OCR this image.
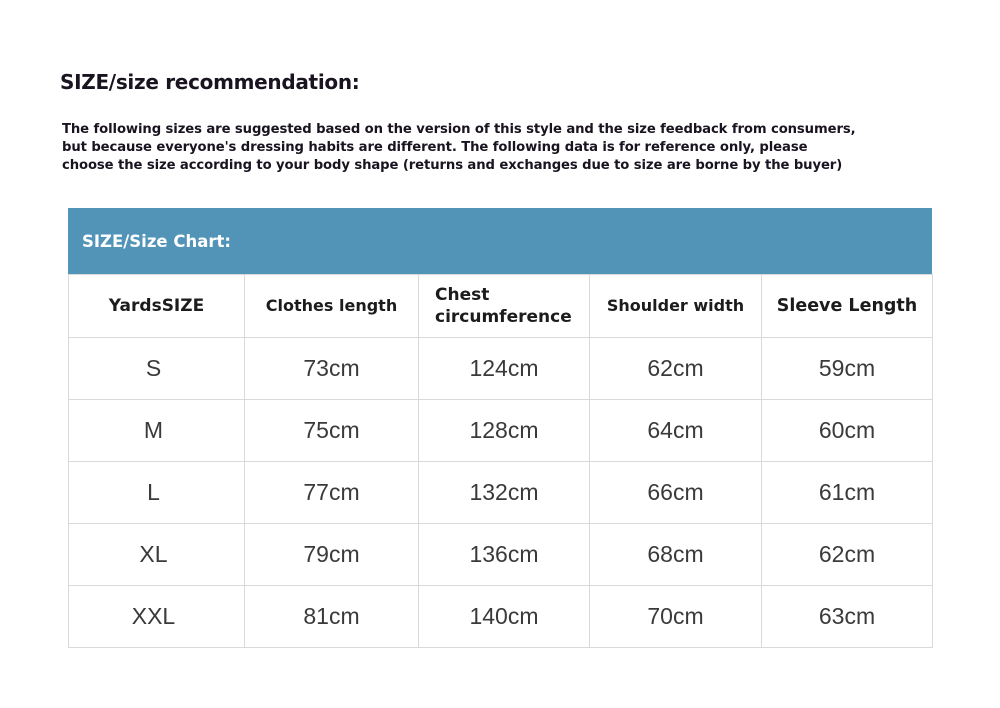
SIZE/size recommendation:
The following sizes are suggested based on the version of this style and the size feedback from consumers,
but because everyone's dressing habits are different. The following data is for reference only, please
choose the size according to your body shape (returns and exchanges due to size are borne by the buyer)
SIZE/Size Chart:
YardsSIZE	Clothes length	Chest circumference	Shoulder width	Sleeve Length
S	73cm	124cm	62cm	59cm
M	75cm	128cm	64cm	60cm
L	77cm	132cm	66cm	61cm
XL	79cm	136cm	68cm	62cm
XXL	81cm	140cm	70cm	63cm
